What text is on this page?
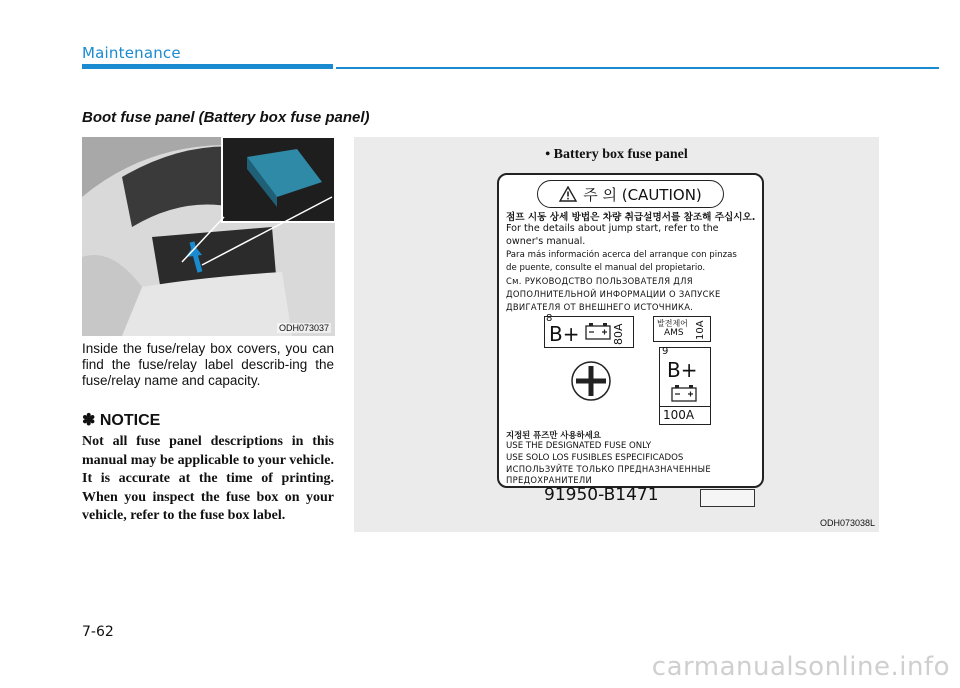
Maintenance
Boot fuse panel (Battery box fuse panel)
ODH073037
Inside the fuse/relay box covers, you can find the fuse/relay label describ-ing the fuse/relay name and capacity.
✽ NOTICE
Not all fuse panel descriptions in this manual may be applicable to your vehicle. It is accurate at the time of printing. When you inspect the fuse box on your vehicle, refer to the fuse box label.
• Battery box fuse panel
주 의 (CAUTION)
점프 시동 상세 방법은 차량 취급설명서를 참조해 주십시오.
For the details about jump start, refer to the
owner's manual.
Para más información acerca del arranque con pinzas
de puente, consulte el manual del propietario.
См. РУКОВОДСТВО ПОЛЬЗОВАТЕЛЯ ДЛЯ
ДОПОЛНИТЕЛЬНОЙ ИНФОРМАЦИИ О ЗАПУСКЕ
ДВИГАТЕЛЯ ОТ ВНЕШНЕГО ИСТОЧНИКА.
8
B+	80A	발전제어
AMS 10A
9
B+
100A
지정된 퓨즈만 사용하세요
USE THE DESIGNATED FUSE ONLY
USE SOLO LOS FUSIBLES ESPECIFICADOS
ИСПОЛЬЗУЙТЕ ТОЛЬКО ПРЕДНАЗНАЧЕННЫЕ
ПРЕДОХРАНИТЕЛИ
91950-B1471
ODH073038L
7-62
carmanualsonline.info
